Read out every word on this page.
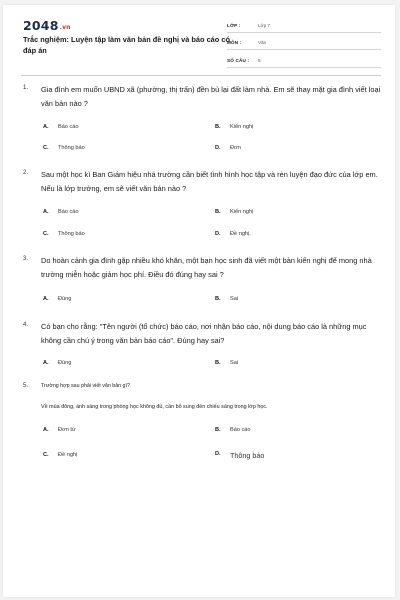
2048.vn
Trắc nghiệm: Luyện tập làm văn bản đề nghị và báo cáo có đáp án
LỚP :	Lớp 7
MÔN :	Văn
SỐ CÂU :	5
1. Gia đình em muốn UBND xã (phường, thị trấn) đền bù lại đất làm nhà. Em sẽ thay mặt gia đình viết loại văn bản nào ?
A.	Báo cáo	B.	Kiến nghị
C.	Thông báo	D.	Đơn
2. Sau một học kì Ban Giám hiệu nhà trường cần biết tình hình học tập và rèn luyện đạo đức của lớp em. Nếu là lớp trưởng, em sẽ viết văn bản nào ?
A.	Báo cáo	B.	Kiến nghị
C.	Thông báo	D.	Đề nghị.
3. Do hoàn cảnh gia đình gặp nhiều khó khăn, một bạn học sinh đã viết một bản kiến nghị để mong nhà trường miễn hoặc giảm học phí. Điều đó đúng hay sai ?
A.	Đúng	B.	Sai
4. Có bạn cho rằng: "Tên người (tổ chức) báo cáo, nơi nhận báo cáo, nội dung báo cáo là những mục không cần chú ý trong văn bản báo cáo". Đúng hay sai?
A.	Đúng	B.	Sai
5. Trường hợp sau phải viết văn bản gì?
Về mùa đông, ánh sáng trong phòng học không đủ, cần bổ sung đèn chiếu sáng trong lớp học.
A.	Đơn từ	B.	Báo cáo
C.	Đề nghị	D.	Thông báo
